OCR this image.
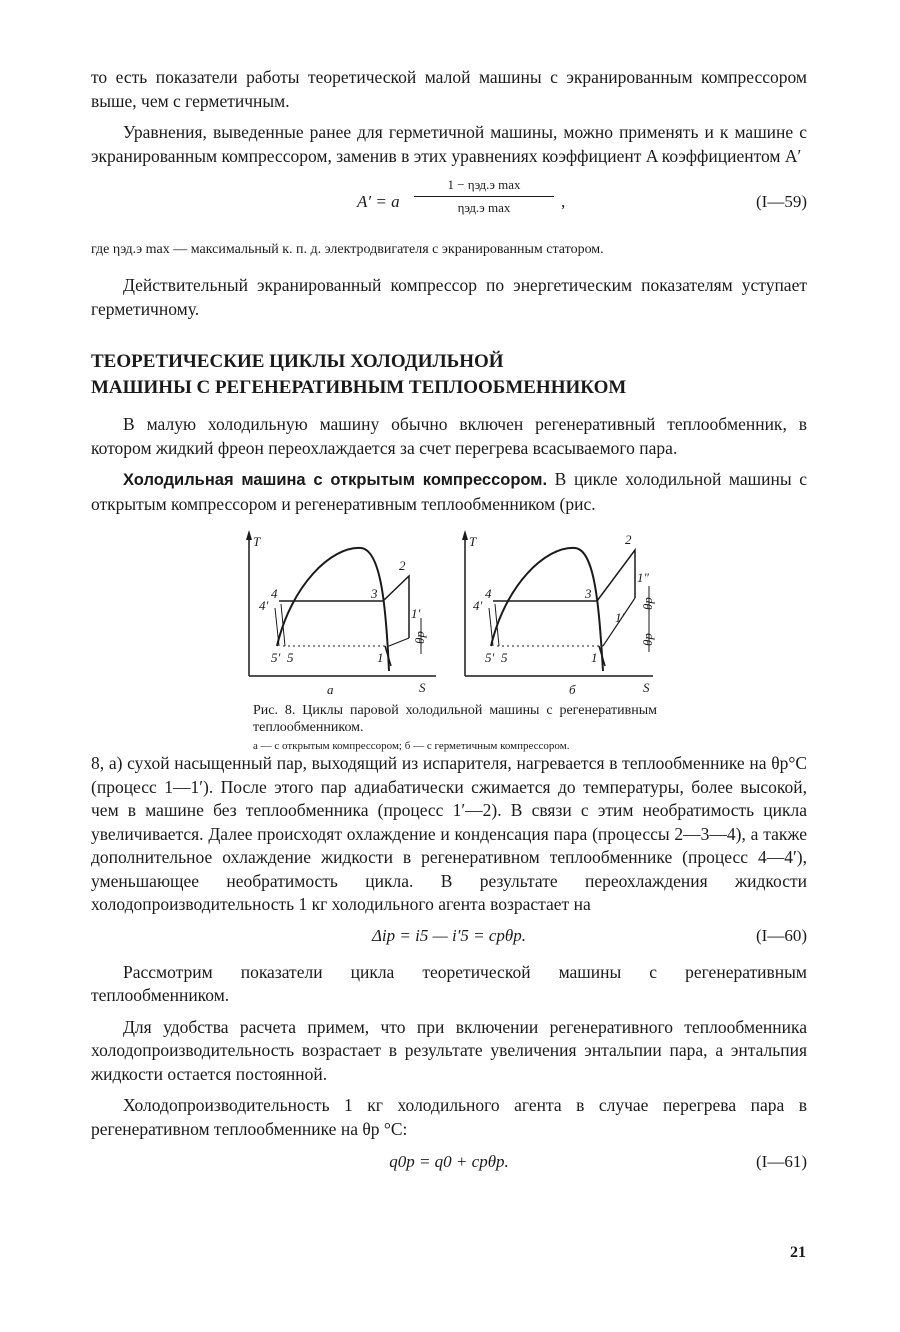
то есть показатели работы теоретической малой машины с экранированным компрессором выше, чем с герметичным.

Уравнения, выведенные ранее для герметичной машины, можно применять и к машине с экранированным компрессором, заменив в этих уравнениях коэффициент A коэффициентом A′

A′ = a
1 − ηэд.э max
ηэд.э max	,	(I—59)

где ηэд.э max — максимальный к. п. д. электродвигателя с экранированным статором.

Действительный экранированный компрессор по энергетическим показателям уступает герметичному.

ТЕОРЕТИЧЕСКИЕ ЦИКЛЫ ХОЛОДИЛЬНОЙ
МАШИНЫ С РЕГЕНЕРАТИВНЫМ ТЕПЛООБМЕННИКОМ

В малую холодильную машину обычно включен регенеративный теплообменник, в котором жидкий фреон переохлаждается за счет перегрева всасываемого пара.

Холодильная машина с открытым компрессором. В цикле холодильной машины с открытым компрессором и регенеративным теплообменником (рис.

T
S
а
4
4′
3
2
1′
5′ 5	1
θр
T
S
б
4
4′
3
2
1″
1′
5′ 5	1
θр
θр
Рис. 8. Циклы паровой холодильной машины с регенеративным теплообменником.
а — с открытым компрессором; б — с герметичным компрессором.

8, а) сухой насыщенный пар, выходящий из испарителя, нагревается в теплообменнике на θр°С (процесс 1—1′). После этого пар адиабатически сжимается до температуры, более высокой, чем в машине без теплообменника (процесс 1′—2). В связи с этим необратимость цикла увеличивается. Далее происходят охлаждение и конденсация пара (процессы 2—3—4), а также дополнительное охлаждение жидкости в регенеративном теплообменнике (процесс 4—4′), уменьшающее необратимость цикла. В результате переохлаждения жидкости холодопроизводительность 1 кг холодильного агента возрастает на

Δiр = i5 — i′5 = cpθр.	(I—60)

Рассмотрим показатели цикла теоретической машины с регенеративным теплообменником.

Для удобства расчета примем, что при включении регенеративного теплообменника холодопроизводительность возрастает в результате увеличения энтальпии пара, а энтальпия жидкости остается постоянной.

Холодопроизводительность 1 кг холодильного агента в случае перегрева пара в регенеративном теплообменнике на θр °С:

q0р = q0 + cpθр.	(I—61)
21
